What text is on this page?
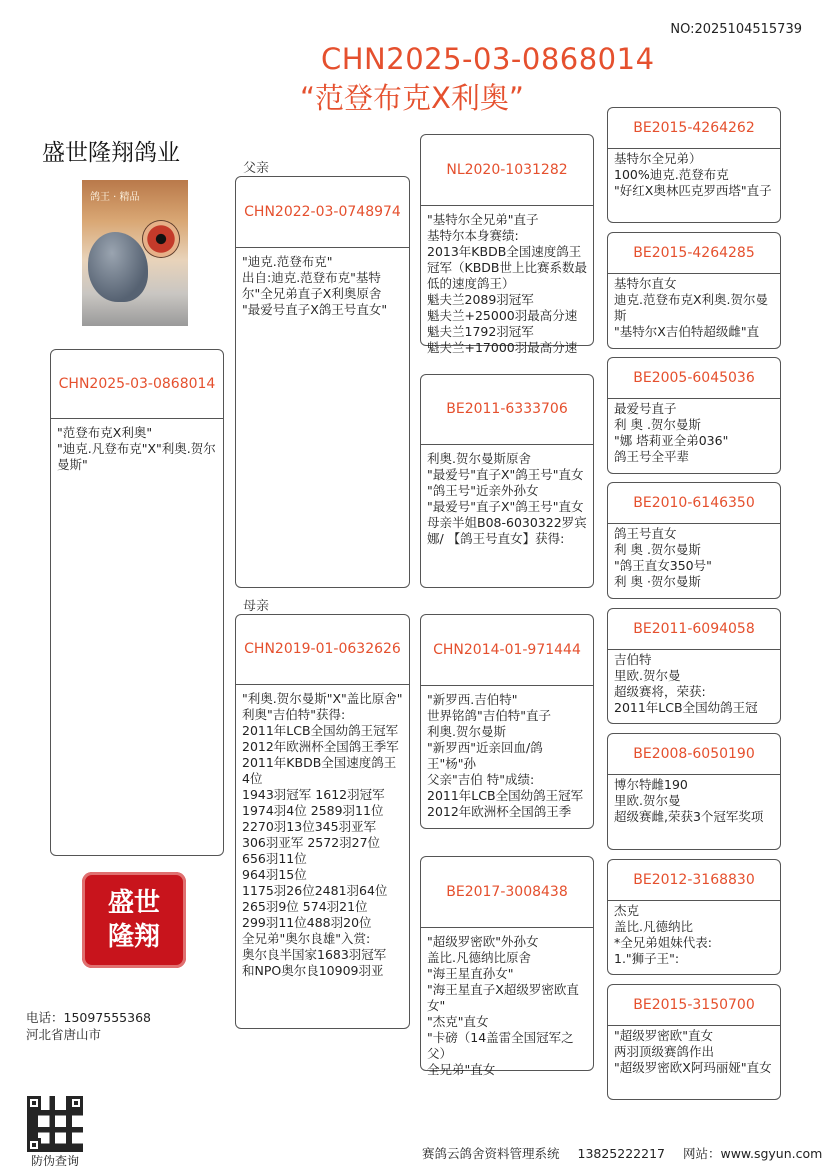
NO:2025104515739
CHN2025-03-0868014
“范登布克X利奥”
盛世隆翔鸽业
鸽王 · 精品
父亲
母亲
CHN2025-03-0868014
"范登布克X利奥"
"迪克.凡登布克"X"利奥.贺尔曼斯"
CHN2022-03-0748974
"迪克.范登布克"
出自:迪克.范登布克"基特尔"全兄弟直子X利奥原舍
"最爱号直子X鸽王号直女"
CHN2019-01-0632626
"利奥.贺尔曼斯"X"盖比原舍"
利奥"吉伯特"获得:
2011年LCB全国幼鸽王冠军
2012年欧洲杯全国鸽王季军
2011年KBDB全国速度鸽王4位
1943羽冠军 1612羽冠军
1974羽4位 2589羽11位
2270羽13位345羽亚军
306羽亚军 2572羽27位
656羽11位
964羽15位
1175羽26位2481羽64位
265羽9位 574羽21位
299羽11位488羽20位
全兄弟"奥尔良雄"入赏:
奥尔良半国家1683羽冠军
和NPO奥尔良10909羽亚
NL2020-1031282
"基特尔全兄弟"直子
基特尔本身赛绩:
2013年KBDB全国速度鸽王冠军（KBDB世上比赛系数最低的速度鸽王）
魁夫兰2089羽冠军
魁夫兰+25000羽最高分速
魁夫兰1792羽冠军
魁夫兰+17000羽最高分速
BE2011-6333706
利奥.贺尔曼斯原舍
"最爱号"直子X"鸽王号"直女
"鸽王号"近亲外孙女
"最爱号"直子X"鸽王号"直女
母亲半姐B08-6030322罗宾娜/ 【鸽王号直女】获得:
CHN2014-01-971444
"新罗西.吉伯特"
世界铭鸽"吉伯特"直子
利奥.贺尔曼斯
"新罗西"近亲回血/鸽王"杨"孙
父亲"吉伯 特"成绩:
2011年LCB全国幼鸽王冠军
2012年欧洲杯全国鸽王季
BE2017-3008438
"超级罗密欧"外孙女
盖比.凡德纳比原舍
"海王星直孙女"
"海王星直子X超级罗密欧直女"
"杰克"直女
"卡磅（14盖雷全国冠军之父）
全兄弟"直女
BE2015-4264262
基特尔全兄弟）
100%迪克.范登布克
"好红X奥林匹克罗西塔"直子
BE2015-4264285
基特尔直女
迪克.范登布克X利奥.贺尔曼斯
"基特尔X吉伯特超级雌"直
BE2005-6045036
最爱号直子
利 奥 .贺尔曼斯
"娜 塔莉亚全弟036"
鸽王号全平辈
BE2010-6146350
鸽王号直女
利 奥 .贺尔曼斯
"鸽王直女350号"
利 奥 ·贺尔曼斯
BE2011-6094058
吉伯特
里欧.贺尔曼
超级赛将，荣获:
2011年LCB全国幼鸽王冠
BE2008-6050190
博尔特雌190
里欧.贺尔曼
超级赛雌,荣获3个冠军奖项
BE2012-3168830
杰克
盖比.凡德纳比
*全兄弟姐妹代表:
1."狮子王":
BE2015-3150700
"超级罗密欧"直女
两羽顶级赛鸽作出
"超级罗密欧X阿玛丽娅"直女
盛世
隆翔
电话：15097555368
河北省唐山市
防伪查询	赛鸽云鸽舍资料管理系统 13825222217 网站：www.sgyun.com
